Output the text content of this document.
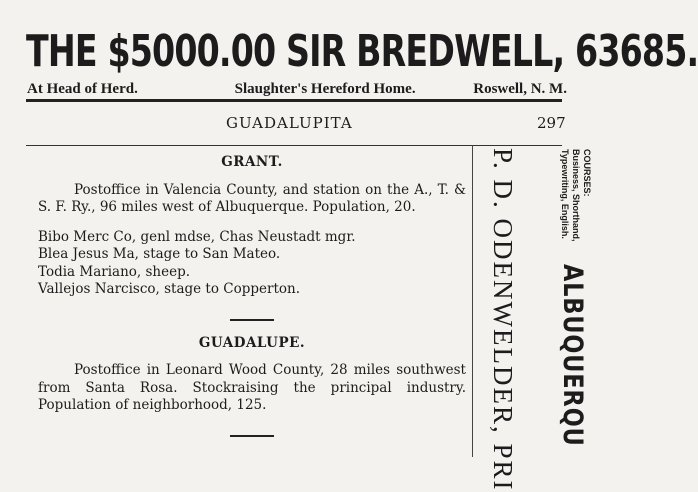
THE $5000.00 SIR BREDWELL, 63685.
At Head of Herd.	Slaughter's Hereford Home.	Roswell, N. M.
GUADALUPITA	297
GRANT.

Postoffice in Valencia County, and station on the A., T. & S. F. Ry., 96 miles west of Albuquerque. Population, 20.

Bibo Merc Co, genl mdse, Chas Neustadt mgr.

Blea Jesus Ma, stage to San Mateo.

Todia Mariano, sheep.

Vallejos Narcisco, stage to Copperton.

GUADALUPE.

Postoffice in Leonard Wood County, 28 miles southwest from Santa Rosa. Stockraising the principal industry. Population of neighborhood, 125.

COURSES:
Business, Shorthand,
Typewriting, English.
ALBUQUERQU
P. D. ODENWELDER, PRI
